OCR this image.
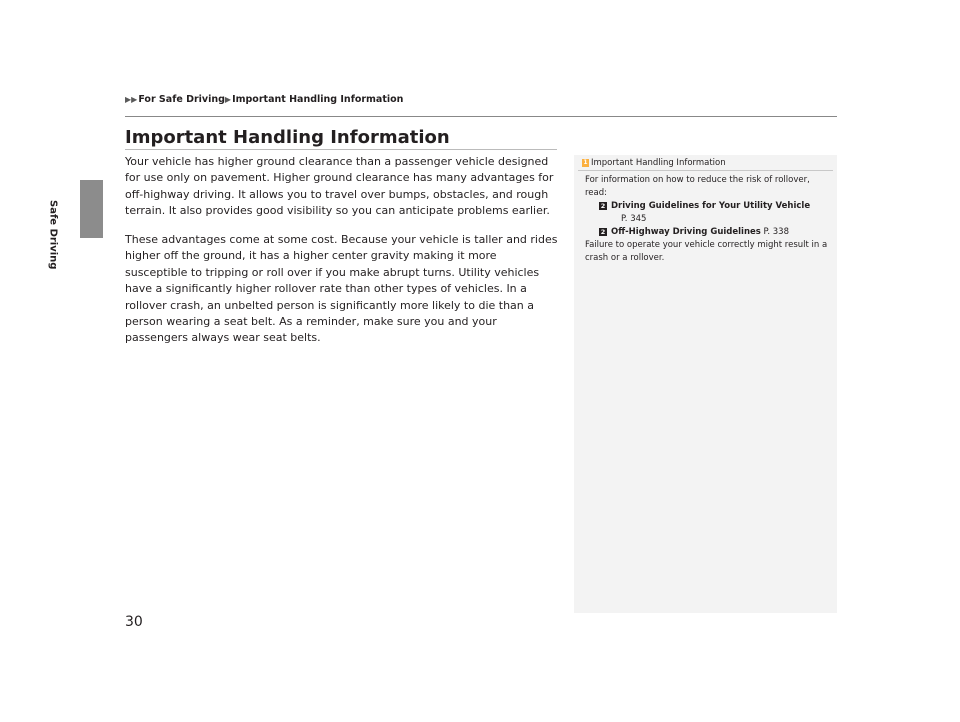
Safe Driving
▶▶ For Safe Driving ▶ Important Handling Information
Important Handling Information

Your vehicle has higher ground clearance than a passenger vehicle designed for use only on pavement. Higher ground clearance has many advantages for off-highway driving. It allows you to travel over bumps, obstacles, and rough terrain. It also provides good visibility so you can anticipate problems earlier.

These advantages come at some cost. Because your vehicle is taller and rides higher off the ground, it has a higher center gravity making it more susceptible to tripping or roll over if you make abrupt turns. Utility vehicles have a significantly higher rollover rate than other types of vehicles. In a rollover crash, an unbelted person is significantly more likely to die than a person wearing a seat belt. As a reminder, make sure you and your passengers always wear seat belts.

1 Important Handling Information
For information on how to reduce the risk of rollover, read:
2 Driving Guidelines for Your Utility Vehicle
P. 345
2 Off-Highway Driving Guidelines P. 338
Failure to operate your vehicle correctly might result in a crash or a rollover.
30
